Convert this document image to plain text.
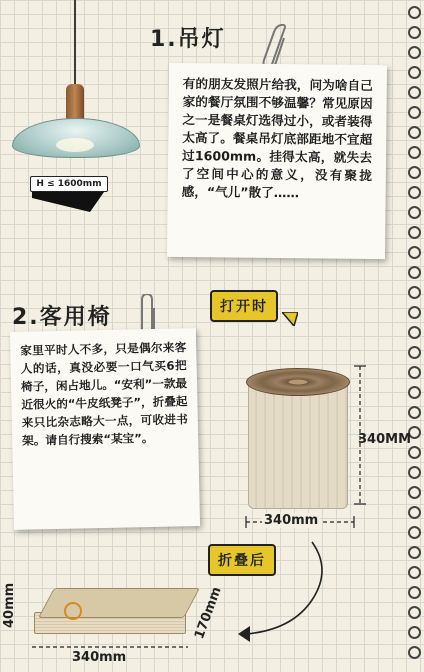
H ≤ 1600mm
1.吊灯
2.客用椅
有的朋友发照片给我，问为啥自己家的餐厅氛围不够温馨？常见原因之一是餐桌灯选得过小，或者装得太高了。餐桌吊灯底部距地不宜超过1600mm。挂得太高，就失去了空间中心的意义，没有聚拢感，“气儿”散了……
家里平时人不多，只是偶尔来客人的话，真没必要一口气买6把椅子，闲占地儿。“安利”一款最近很火的“牛皮纸凳子”，折叠起来只比杂志略大一点，可收进书架。请自行搜索“某宝”。
打开时
折叠后
340MM
340mm
40mm	170mm
340mm
